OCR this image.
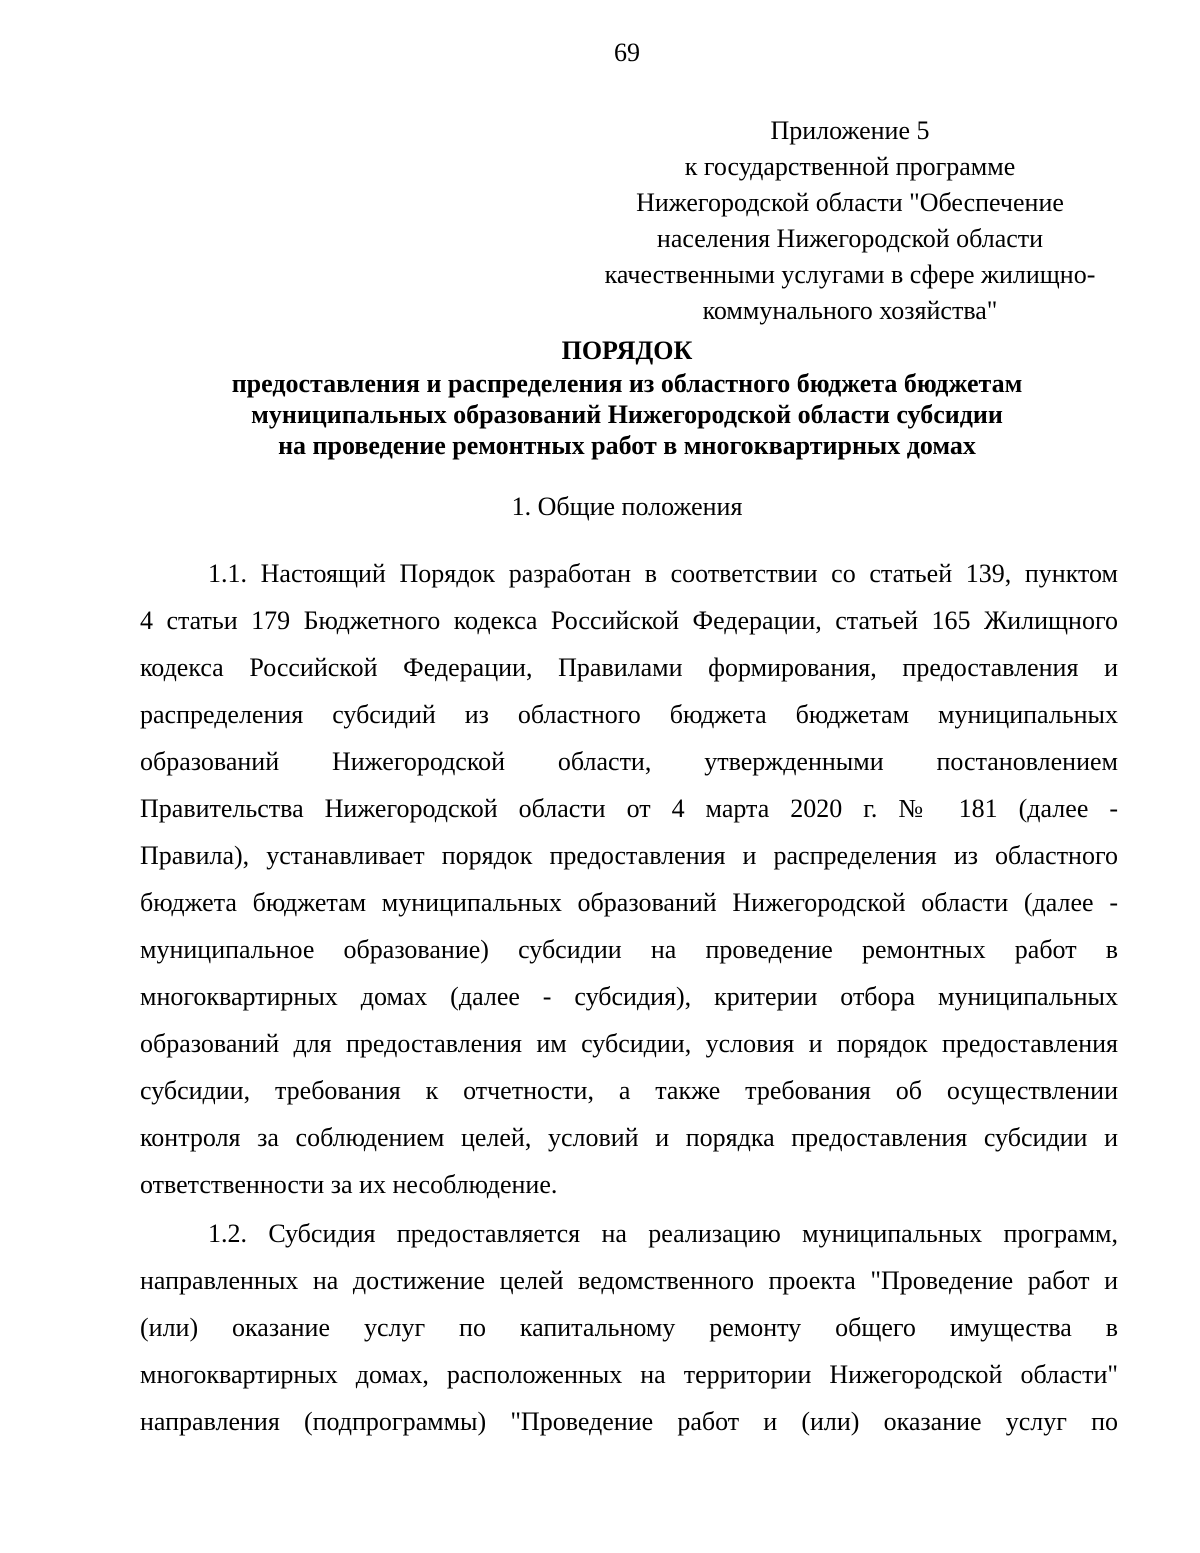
69
Приложение 5
к государственной программе
Нижегородской области "Обеспечение
населения Нижегородской области
качественными услугами в сфере жилищно-
коммунального хозяйства"
ПОРЯДОК
предоставления и распределения из областного бюджета бюджетам
муниципальных образований Нижегородской области субсидии
на проведение ремонтных работ в многоквартирных домах
1. Общие положения
1.1. Настоящий Порядок разработан в соответствии со статьей 139, пунктом
4 статьи 179 Бюджетного кодекса Российской Федерации, статьей 165 Жилищного
кодекса Российской Федерации, Правилами формирования, предоставления и
распределения субсидий из областного бюджета бюджетам муниципальных
образований Нижегородской области, утвержденными постановлением
Правительства Нижегородской области от 4 марта 2020 г. № 181 (далее -
Правила), устанавливает порядок предоставления и распределения из областного
бюджета бюджетам муниципальных образований Нижегородской области (далее -
муниципальное образование) субсидии на проведение ремонтных работ в
многоквартирных домах (далее - субсидия), критерии отбора муниципальных
образований для предоставления им субсидии, условия и порядок предоставления
субсидии, требования к отчетности, а также требования об осуществлении
контроля за соблюдением целей, условий и порядка предоставления субсидии и
ответственности за их несоблюдение.
1.2. Субсидия предоставляется на реализацию муниципальных программ,
направленных на достижение целей ведомственного проекта "Проведение работ и
(или) оказание услуг по капитальному ремонту общего имущества в
многоквартирных домах, расположенных на территории Нижегородской области"
направления (подпрограммы) "Проведение работ и (или) оказание услуг по
